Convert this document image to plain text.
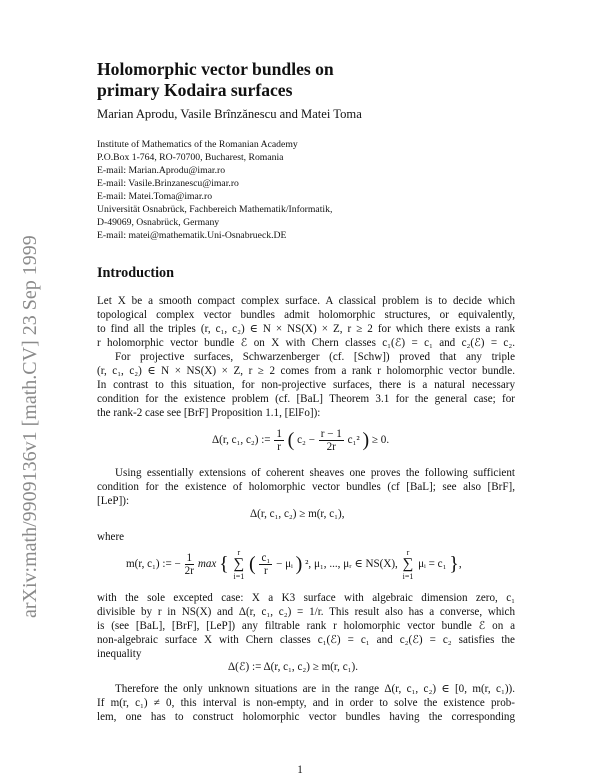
arXiv:math/9909136v1 [math.CV] 23 Sep 1999
Holomorphic vector bundles on
primary Kodaira surfaces
Marian Aprodu, Vasile Brînzănescu and Matei Toma
Institute of Mathematics of the Romanian Academy
P.O.Box 1-764, RO-70700, Bucharest, Romania
E-mail: Marian.Aprodu@imar.ro
E-mail: Vasile.Brinzanescu@imar.ro
E-mail: Matei.Toma@imar.ro
Universität Osnabrück, Fachbereich Mathematik/Informatik,
D-49069, Osnabrück, Germany
E-mail: matei@mathematik.Uni-Osnabrueck.DE
Introduction
Let X be a smooth compact complex surface. A classical problem is to decide which
topological complex vector bundles admit holomorphic structures, or equivalently,
to find all the triples (r, c₁, c₂) ∈ N × NS(X) × Z, r ≥ 2 for which there exists a rank
r holomorphic vector bundle ℰ on X with Chern classes c₁(ℰ) = c₁ and c₂(ℰ) = c₂.
For projective surfaces, Schwarzenberger (cf. [Schw]) proved that any triple
(r, c₁, c₂) ∈ N × NS(X) × Z, r ≥ 2 comes from a rank r holomorphic vector bundle.
In contrast to this situation, for non-projective surfaces, there is a natural necessary
condition for the existence problem (cf. [BaL] Theorem 3.1 for the general case; for
the rank-2 case see [BrF] Proposition 1.1, [ElFo]):
Δ(r, c₁, c₂) := $\frac{1}{r}$ ( $c_2 - \frac{r - 1}{2r} c_1^2$ ) ≥ 0.
Using essentially extensions of coherent sheaves one proves the following sufficient
condition for the existence of holomorphic vector bundles (cf [BaL]; see also [BrF],
[LeP]):
Δ(r, c₁, c₂) ≥ m(r, c₁),
where
m(r, c₁) := − $\frac{1}{2r}$ max { r
∑
i=1 ( $\frac{\text{c₁}}{r}$ − μᵢ ) ², μ₁, ..., μᵣ ∈ NS(X), r
∑
i=1 μᵢ = c₁ },
with the sole excepted case: X a K3 surface with algebraic dimension zero, c₁
divisible by r in NS(X) and Δ(r, c₁, c₂) = 1/r. This result also has a converse, which
is (see [BaL], [BrF], [LeP]) any filtrable rank r holomorphic vector bundle ℰ on a
non-algebraic surface X with Chern classes c₁(ℰ) = c₁ and c₂(ℰ) = c₂ satisfies the
inequality
Δ(ℰ) := Δ(r, c₁, c₂) ≥ m(r, c₁).
Therefore the only unknown situations are in the range Δ(r, c₁, c₂) ∈ [0, m(r, c₁)).
If m(r, c₁) ≠ 0, this interval is non-empty, and in order to solve the existence prob-
lem, one has to construct holomorphic vector bundles having the corresponding
1
